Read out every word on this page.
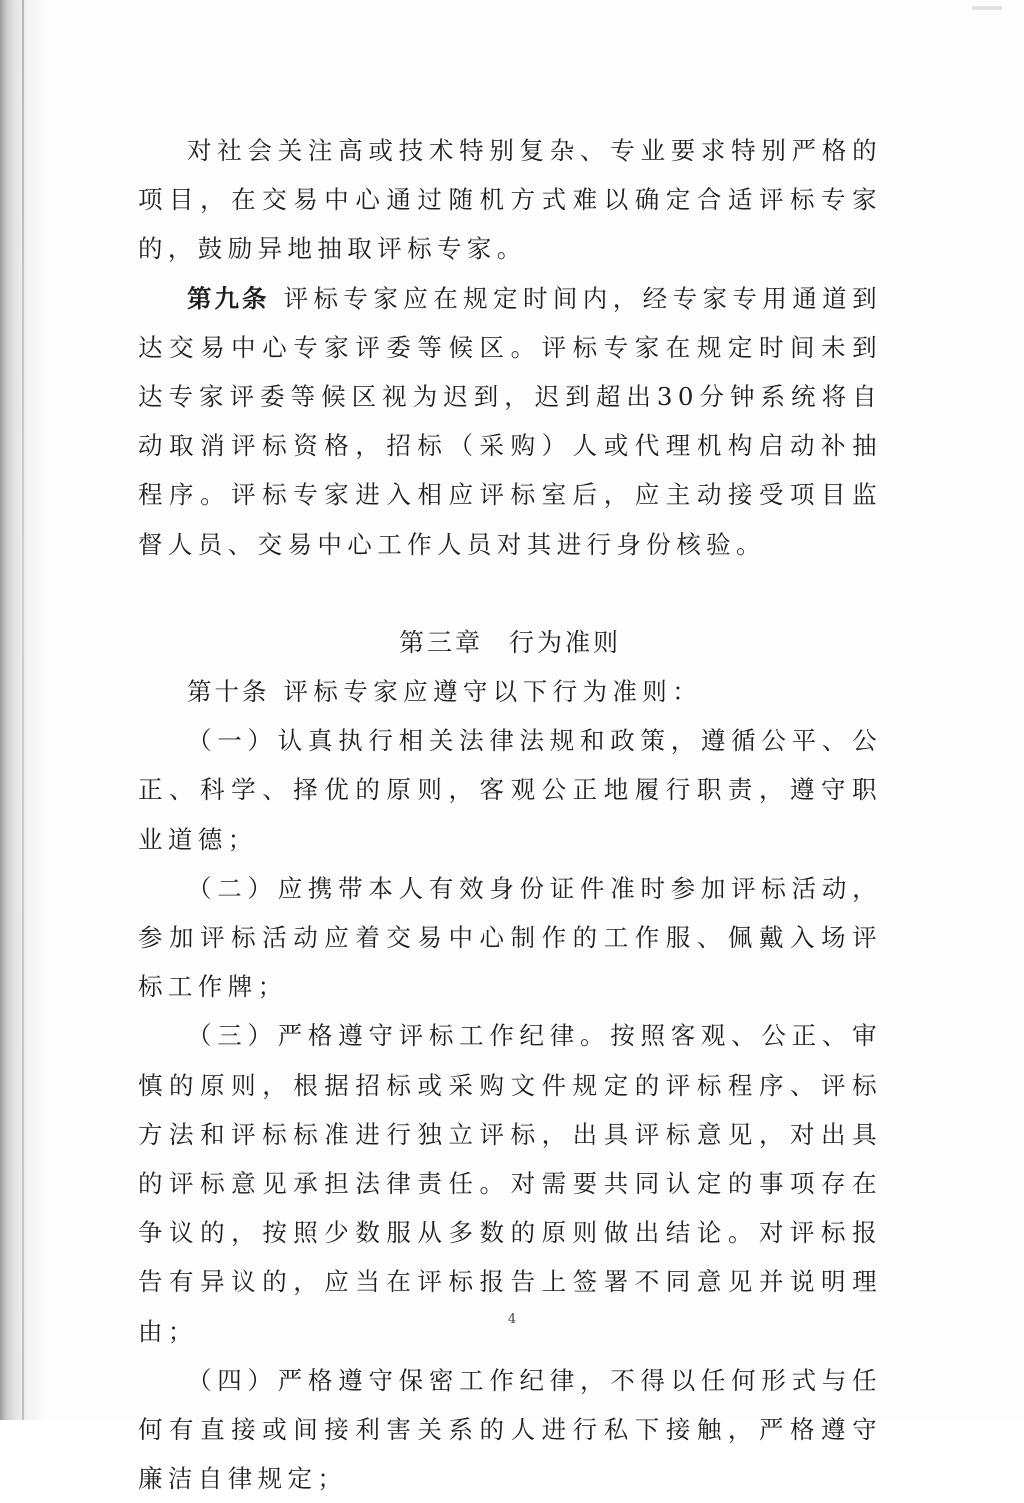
对社会关注高或技术特别复杂、专业要求特别严格的项目，在交易中心通过随机方式难以确定合适评标专家的，鼓励异地抽取评标专家。

第九条 评标专家应在规定时间内，经专家专用通道到达交易中心专家评委等候区。评标专家在规定时间未到达专家评委等候区视为迟到，迟到超出30分钟系统将自动取消评标资格，招标（采购）人或代理机构启动补抽程序。评标专家进入相应评标室后，应主动接受项目监督人员、交易中心工作人员对其进行身份核验。

第三章 行为准则

第十条 评标专家应遵守以下行为准则：

（一）认真执行相关法律法规和政策，遵循公平、公正、科学、择优的原则，客观公正地履行职责，遵守职业道德；

（二）应携带本人有效身份证件准时参加评标活动，参加评标活动应着交易中心制作的工作服、佩戴入场评标工作牌；

（三）严格遵守评标工作纪律。按照客观、公正、审慎的原则，根据招标或采购文件规定的评标程序、评标方法和评标标准进行独立评标，出具评标意见，对出具的评标意见承担法律责任。对需要共同认定的事项存在争议的，按照少数服从多数的原则做出结论。对评标报告有异议的，应当在评标报告上签署不同意见并说明理由；

（四）严格遵守保密工作纪律，不得以任何形式与任何有直接或间接利害关系的人进行私下接触，严格遵守廉洁自律规定；

4
